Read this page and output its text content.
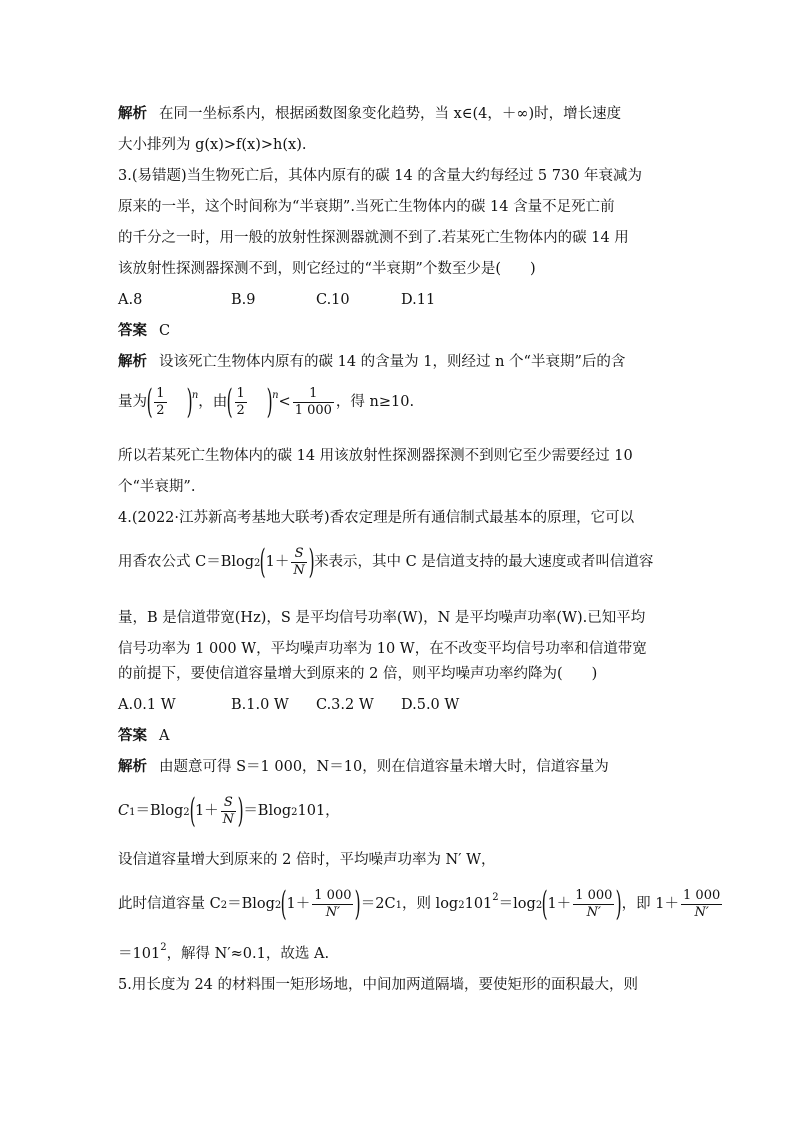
解析 在同一坐标系内，根据函数图象变化趋势，当 x∈(4，＋∞)时，增长速度
大小排列为 g(x)>f(x)>h(x).
3.(易错题)当生物死亡后，其体内原有的碳 14 的含量大约每经过 5 730 年衰减为
原来的一半，这个时间称为“半衰期”.当死亡生物体内的碳 14 含量不足死亡前
的千分之一时，用一般的放射性探测器就测不到了.若某死亡生物体内的碳 14 用
该放射性探测器探测不到，则它经过的“半衰期”个数至少是(　　)
A.8	B.9	C.10	D.11
答案 C
解析 设该死亡生物体内原有的碳 14 的含量为 1，则经过 n 个“半衰期”后的含
量为( $\frac{1}{2} )^n$，由( $\frac{1}{2} )^n< \frac{1}{1 000}$ ，得 n≥10.
所以若某死亡生物体内的碳 14 用该放射性探测器探测不到则它至少需要经过 10
个“半衰期”.
4.(2022·江苏新高考基地大联考)香农定理是所有通信制式最基本的原理，它可以
用香农公式 $C=Blog2(1+ \frac{S}{N}$ )来表示，其中 C 是信道支持的最大速度或者叫信道容
量，B 是信道带宽(Hz)，S 是平均信号功率(W)，N 是平均噪声功率(W).已知平均
信号功率为 1 000 W，平均噪声功率为 10 W，在不改变平均信号功率和信道带宽
的前提下，要使信道容量增大到原来的 2 倍，则平均噪声功率约降为(　　)
A.0.1 W	B.1.0 W C.3.2 W D.5.0 W
答案 A
解析 由题意可得 S＝1 000，N＝10，则在信道容量未增大时，信道容量为
$C1=Blog2(1+ \frac{S}{N} )=Blog2101$，
设信道容量增大到原来的 2 倍时，平均噪声功率为 N′ W，
此时信道容量 $C2=Blog2(1+ \frac{1 000}{N'} )=2C1$，则 $\log 2101^2=\log 2(1+ \frac{1 000}{N'}$ )，即 $1+ \frac{1 000}{N'}$
$=101^2$，解得 N′≈0.1，故选 A.
5.用长度为 24 的材料围一矩形场地，中间加两道隔墙，要使矩形的面积最大，则
